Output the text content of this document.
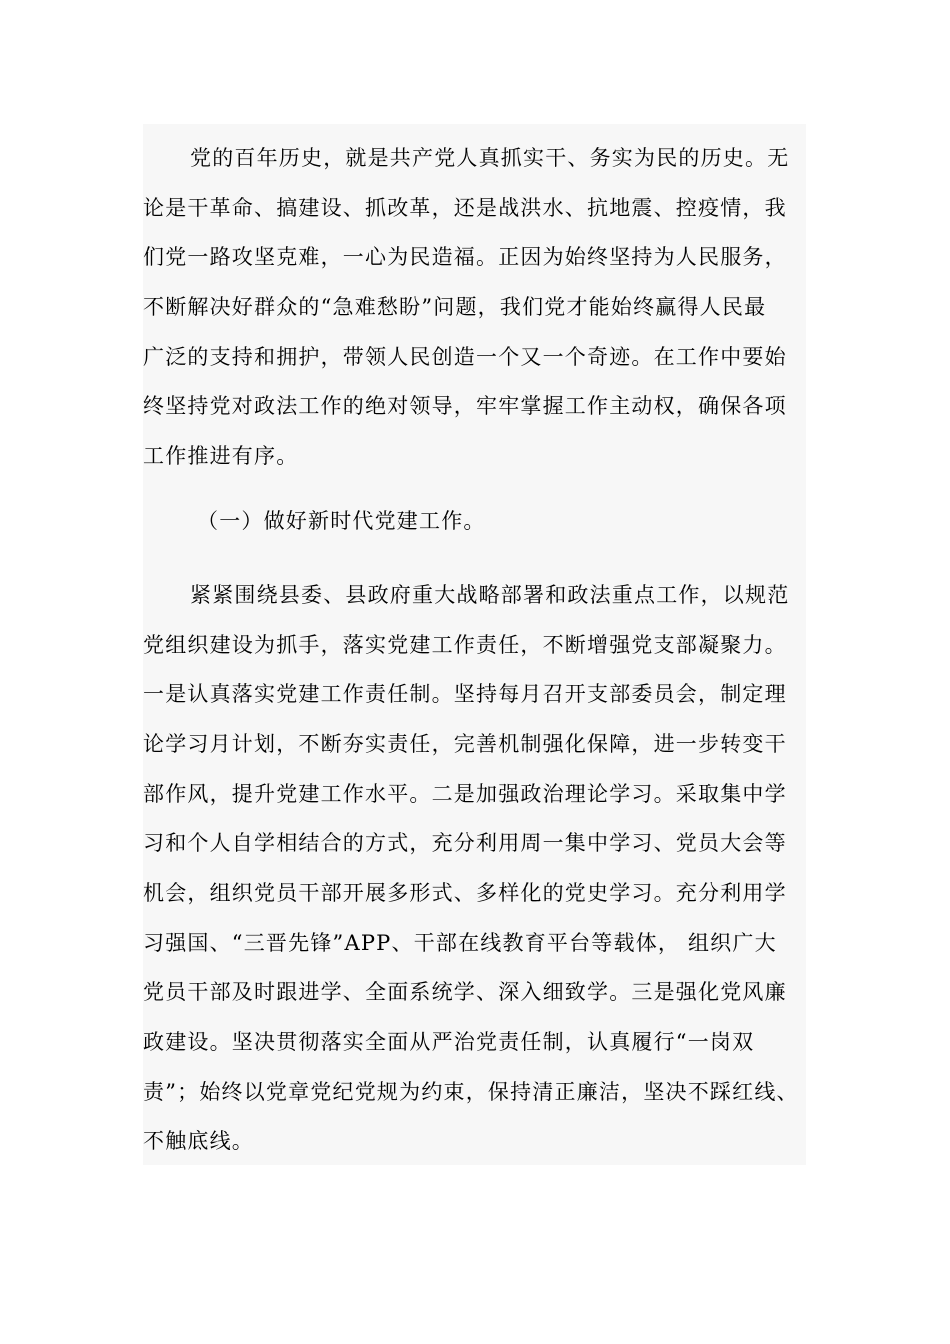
党的百年历史，就是共产党人真抓实干、务实为民的历史。无
论是干革命、搞建设、抓改革，还是战洪水、抗地震、控疫情，我
们党一路攻坚克难，一心为民造福。正因为始终坚持为人民服务，
不断解决好群众的“急难愁盼”问题，我们党才能始终赢得人民最
广泛的支持和拥护，带领人民创造一个又一个奇迹。在工作中要始
终坚持党对政法工作的绝对领导，牢牢掌握工作主动权，确保各项
工作推进有序。
（一）做好新时代党建工作。
紧紧围绕县委、县政府重大战略部署和政法重点工作，以规范
党组织建设为抓手，落实党建工作责任，不断增强党支部凝聚力。
一是认真落实党建工作责任制。坚持每月召开支部委员会，制定理
论学习月计划，不断夯实责任，完善机制强化保障，进一步转变干
部作风，提升党建工作水平。二是加强政治理论学习。采取集中学
习和个人自学相结合的方式，充分利用周一集中学习、党员大会等
机会，组织党员干部开展多形式、多样化的党史学习。充分利用学
习强国、“三晋先锋”APP、干部在线教育平台等载体， 组织广大
党员干部及时跟进学、全面系统学、深入细致学。三是强化党风廉
政建设。坚决贯彻落实全面从严治党责任制，认真履行“一岗双
责”；始终以党章党纪党规为约束，保持清正廉洁，坚决不踩红线、
不触底线。
